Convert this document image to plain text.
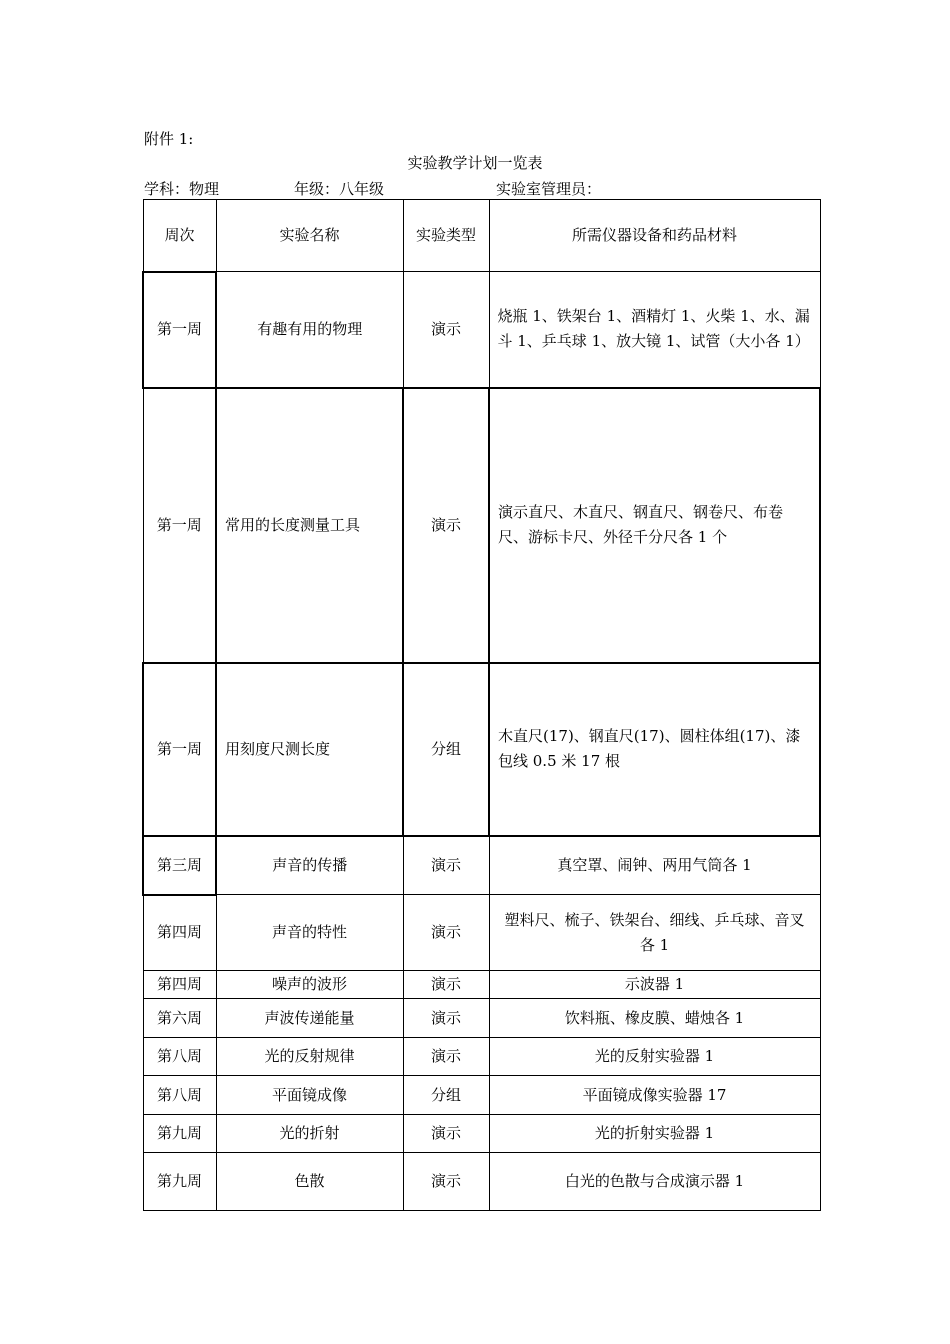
附件 1:
实验教学计划一览表
学科：物理	年级：八年级	实验室管理员：
周次	实验名称	实验类型	所需仪器设备和药品材料
第一周	有趣有用的物理	演示	烧瓶 1、铁架台 1、酒精灯 1、火柴 1、水、漏斗 1、乒乓球 1、放大镜 1、试管（大小各 1）
第一周	常用的长度测量工具	演示	演示直尺、木直尺、钢直尺、钢卷尺、布卷尺、游标卡尺、外径千分尺各 1 个
第一周	用刻度尺测长度	分组	木直尺(17)、钢直尺(17)、圆柱体组(17)、漆包线 0.5 米 17 根
第三周	声音的传播	演示	真空罩、闹钟、两用气筒各 1
第四周	声音的特性	演示	塑料尺、梳子、铁架台、细线、乒乓球、音叉各 1
第四周	噪声的波形	演示	示波器 1
第六周	声波传递能量	演示	饮料瓶、橡皮膜、蜡烛各 1
第八周	光的反射规律	演示	光的反射实验器 1
第八周	平面镜成像	分组	平面镜成像实验器 17
第九周	光的折射	演示	光的折射实验器 1
第九周	色散	演示	白光的色散与合成演示器 1
